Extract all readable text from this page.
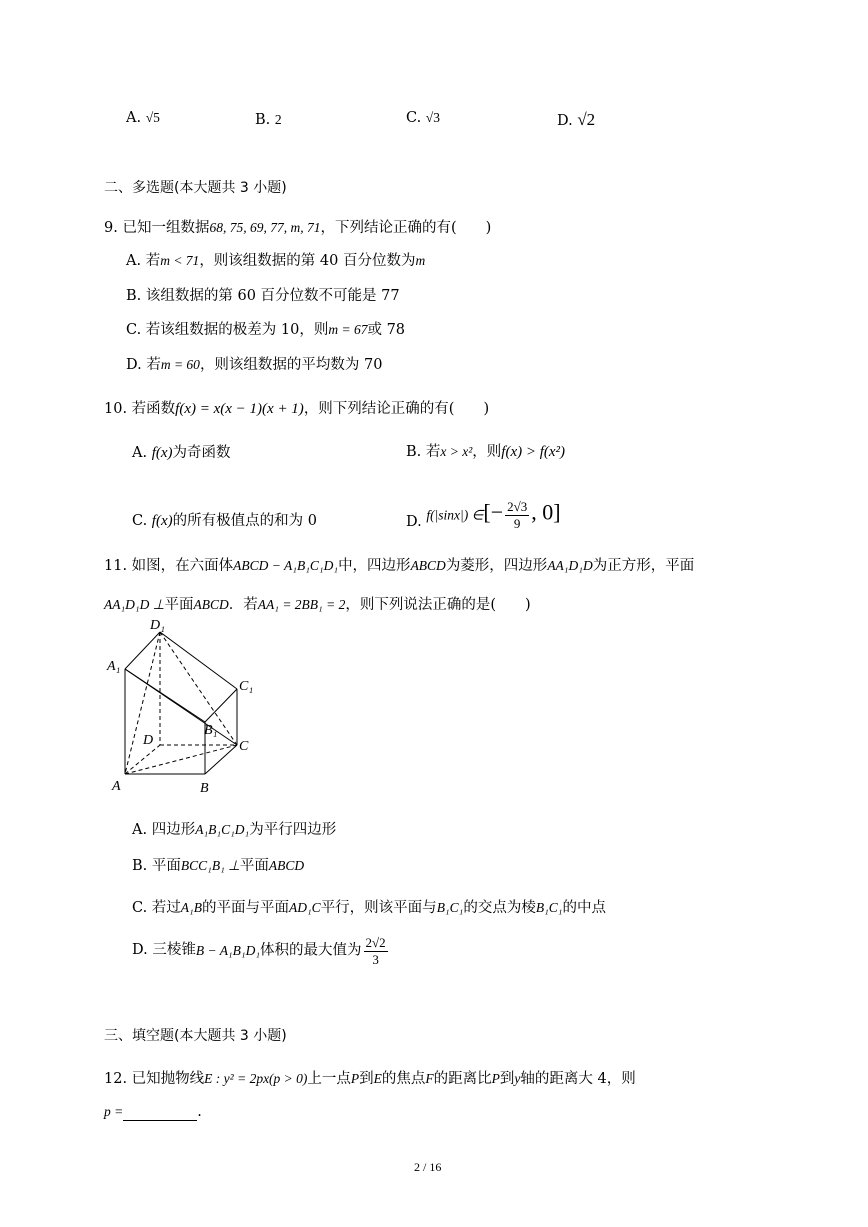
A. √5	B. 2	C. √3	D. √2
二、多选题(本大题共 3 小题)
9. 已知一组数据68, 75, 69, 77, m, 71，下列结论正确的有(　　)
A. 若m < 71，则该组数据的第 40 百分位数为m
B. 该组数据的第 60 百分位数不可能是 77
C. 若该组数据的极差为 10，则m = 67或 78
D. 若m = 60，则该组数据的平均数为 70
10. 若函数f(x) = x(x − 1)(x + 1)，则下列结论正确的有(　　)
A. f(x)为奇函数	B. 若x > x²，则f(x) > f(x²)
C. f(x)的所有极值点的和为 0	D. f(|sinx|) ∈[− $\frac{2√3}{9}$ , 0]
11. 如图，在六面体ABCD − A₁B₁C₁D₁中，四边形ABCD为菱形，四边形AA₁D₁D为正方形，平面
AA₁D₁D ⊥平面ABCD．若AA₁ = 2BB₁ = 2，则下列说法正确的是(　　)
D₁
A₁
C₁
B₁
D	C
A	B
A. 四边形A₁B₁C₁D₁为平行四边形
B. 平面BCC₁B₁ ⊥平面ABCD
C. 若过A₁B的平面与平面AD₁C平行，则该平面与B₁C₁的交点为棱B₁C₁的中点
D. 三棱锥B − A₁B₁D₁体积的最大值为 $\frac{2√2}{3}$
三、填空题(本大题共 3 小题)
12. 已知抛物线E : y² = 2px(p > 0)上一点P到E的焦点F的距离比P到y轴的距离大 4，则
p =	.
2 / 16
